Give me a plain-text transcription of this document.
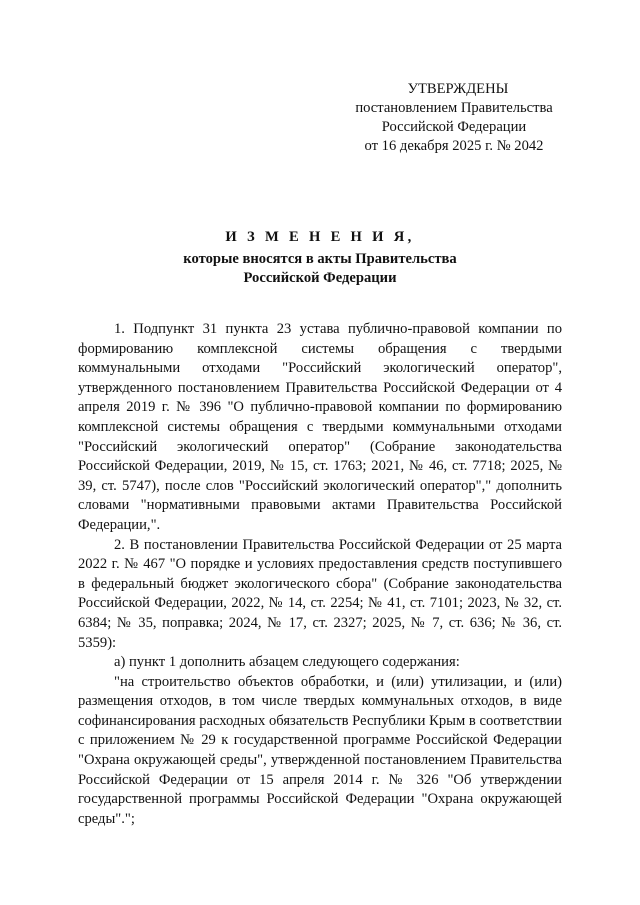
УТВЕРЖДЕНЫ
постановлением Правительства
Российской Федерации
от 16 декабря 2025 г. № 2042
И З М Е Н Е Н И Я,
которые вносятся в акты Правительства
Российской Федерации

1. Подпункт 31 пункта 23 устава публично-правовой компании по формированию комплексной системы обращения с твердыми коммунальными отходами "Российский экологический оператор", утвержденного постановлением Правительства Российской Федерации от 4 апреля 2019 г. № 396 "О публично-правовой компании по формированию комплексной системы обращения с твердыми коммунальными отходами "Российский экологический оператор" (Собрание законодательства Российской Федерации, 2019, № 15, ст. 1763; 2021, № 46, ст. 7718; 2025, № 39, ст. 5747), после слов "Российский экологический оператор"," дополнить словами "нормативными правовыми актами Правительства Российской Федерации,".

2. В постановлении Правительства Российской Федерации от 25 марта 2022 г. № 467 "О порядке и условиях предоставления средств поступившего в федеральный бюджет экологического сбора" (Собрание законодательства Российской Федерации, 2022, № 14, ст. 2254; № 41, ст. 7101; 2023, № 32, ст. 6384; № 35, поправка; 2024, № 17, ст. 2327; 2025, № 7, ст. 636; № 36, ст. 5359):

а) пункт 1 дополнить абзацем следующего содержания:

"на строительство объектов обработки, и (или) утилизации, и (или) размещения отходов, в том числе твердых коммунальных отходов, в виде софинансирования расходных обязательств Республики Крым в соответствии с приложением № 29 к государственной программе Российской Федерации "Охрана окружающей среды", утвержденной постановлением Правительства Российской Федерации от 15 апреля 2014 г. № 326 "Об утверждении государственной программы Российской Федерации "Охрана окружающей среды".";
